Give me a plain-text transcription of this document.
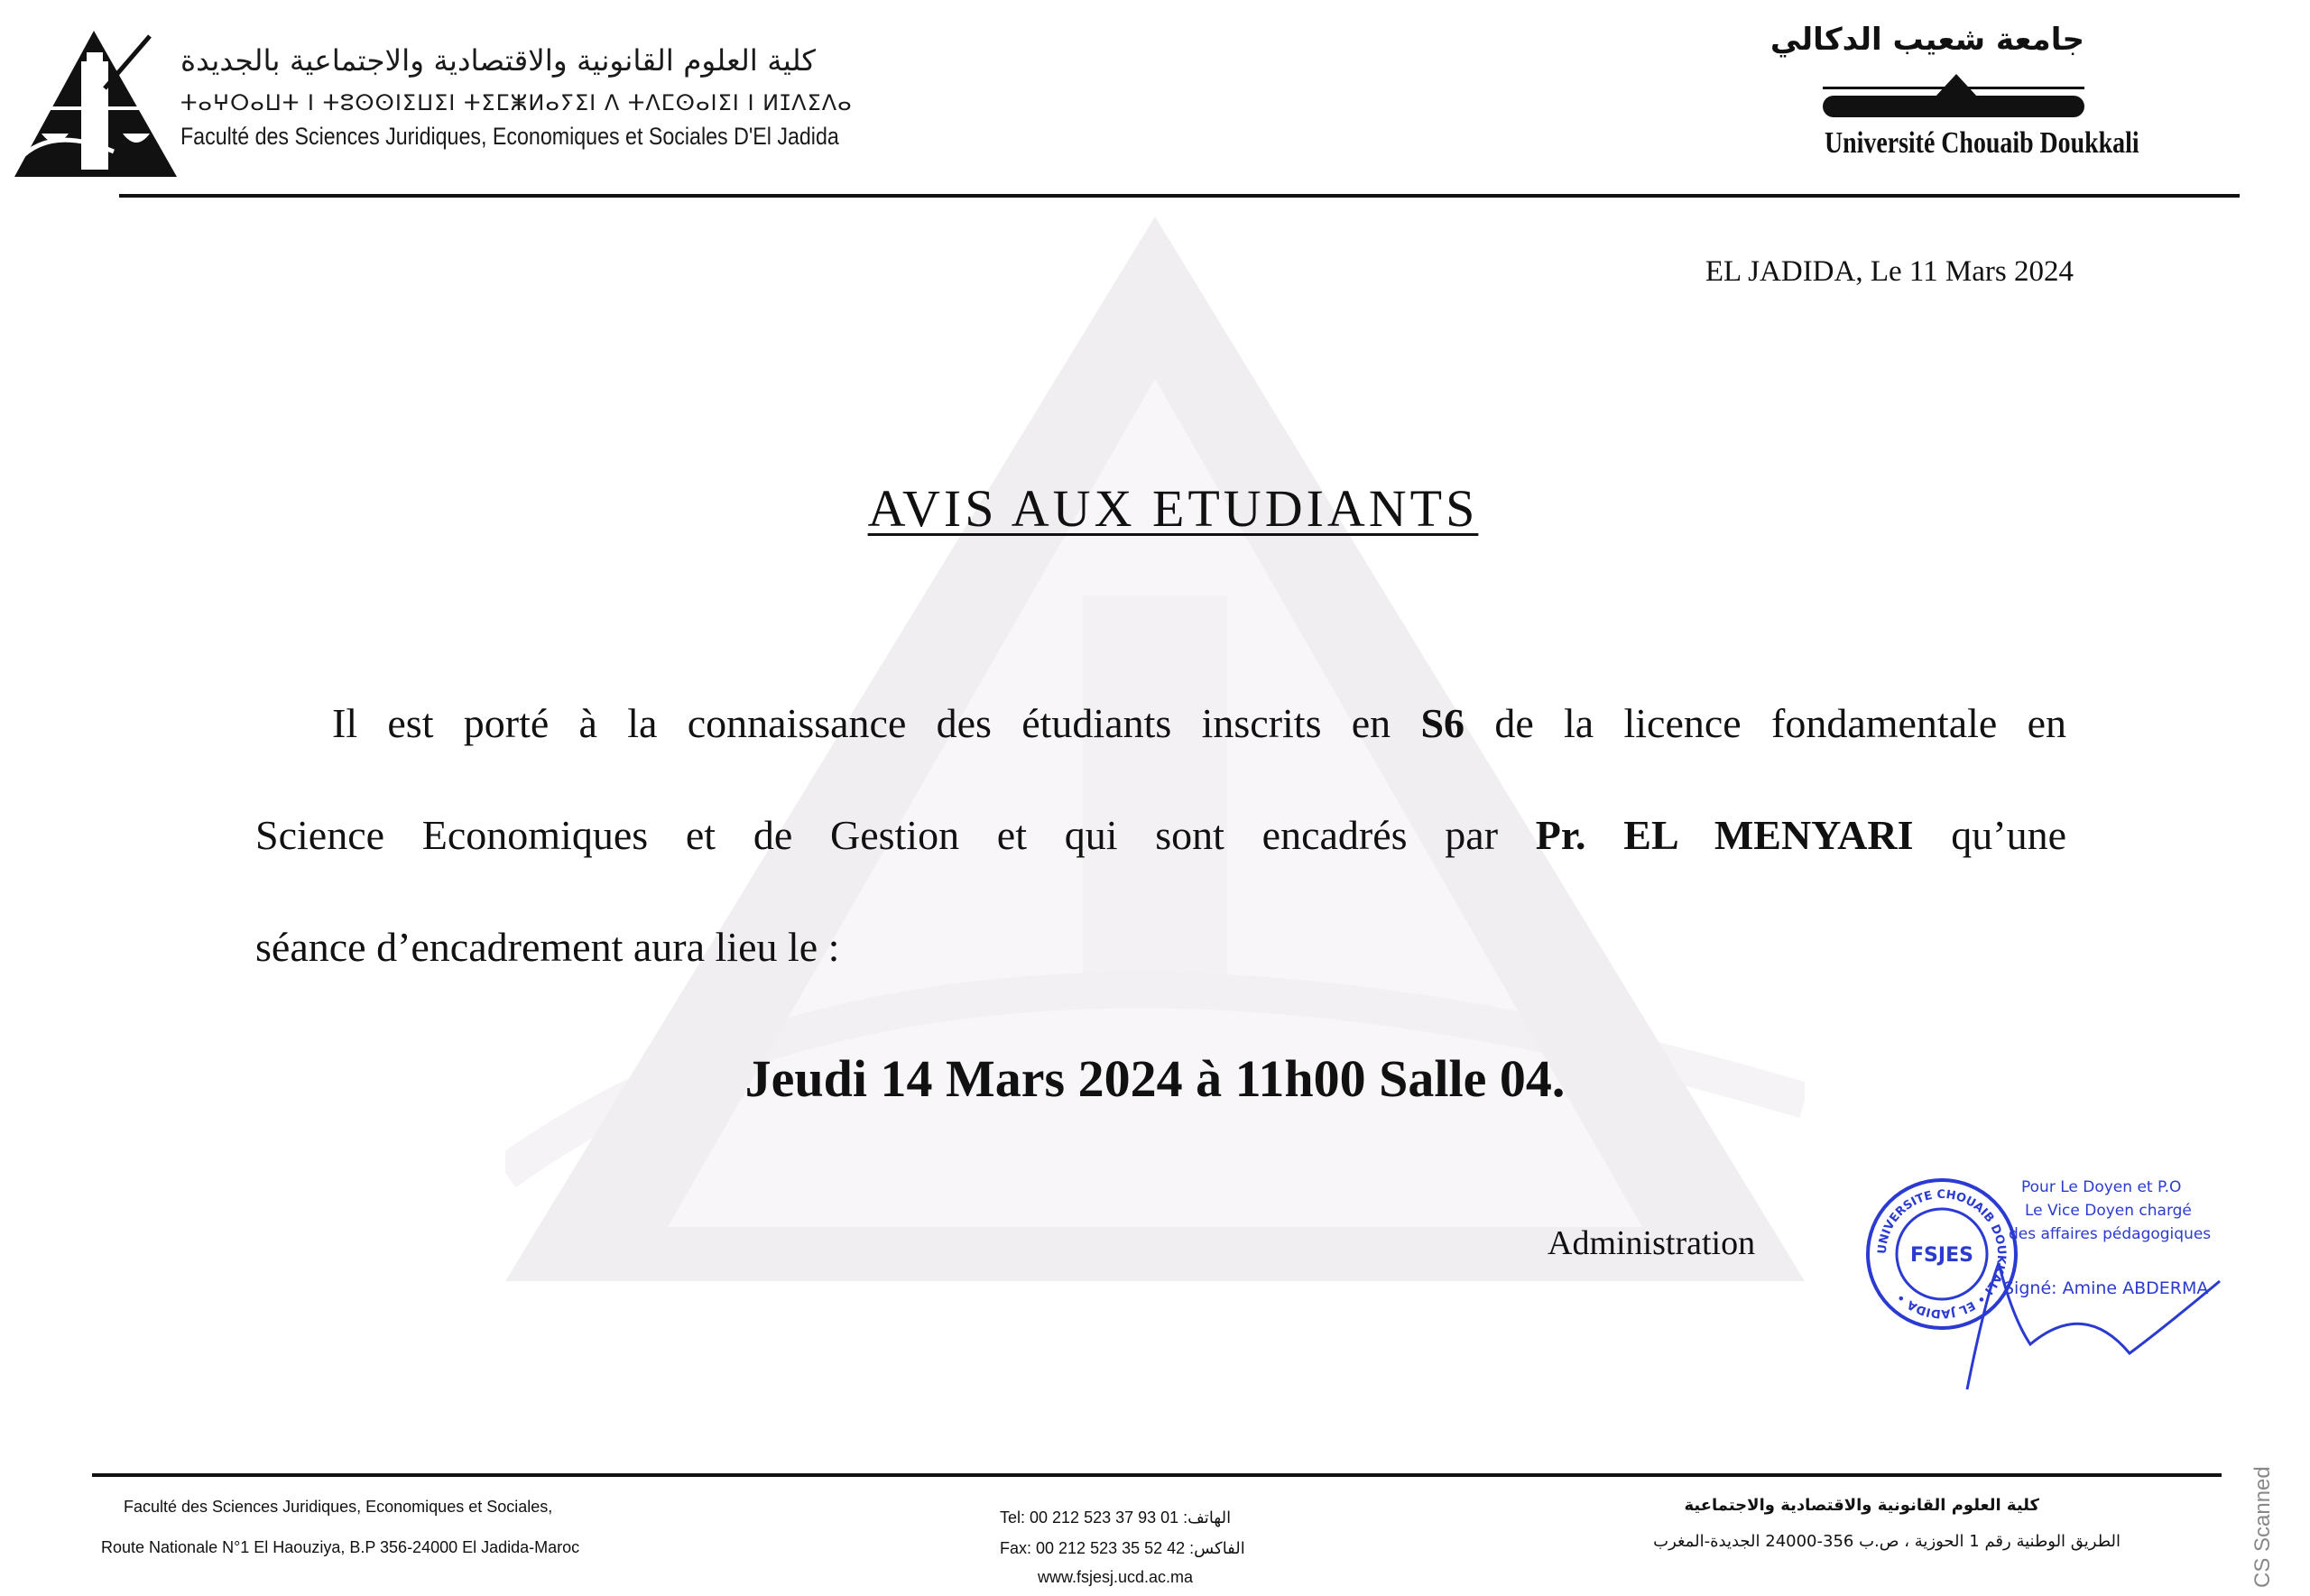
كلية العلوم القانونية والاقتصادية والاجتماعية بالجديدة
ⵜⴰⵖⵔⴰⵡⵜ ⵏ ⵜⵓⵙⵙⵏⵉⵡⵉⵏ ⵜⵉⵎⵥⵍⴰⵢⵉⵏ ⴷ ⵜⴷⵎⵙⴰⵏⵉⵏ ⵏ ⵍⵊⴷⵉⴷⴰ
Faculté des Sciences Juridiques, Economiques et Sociales D'El Jadida
جامعة شعيب الدكالي
Université Chouaib Doukkali
EL JADIDA, Le 11 Mars 2024
AVIS AUX ETUDIANTS
Il est porté à la connaissance des étudiants inscrits en S6 de la licence fondamentale en
Science Economiques et de Gestion et qui sont encadrés par Pr. EL MENYARI qu’une
séance d’encadrement aura lieu le :
Jeudi 14 Mars 2024 à 11h00 Salle 04.
Administration	UNIVERSITE CHOUAIB DOUKKALI • EL JADIDA •
FSJES
Pour Le Doyen et P.O
Le Vice Doyen chargé
des affaires pédagogiques
Signé: Amine ABDERMA
Faculté des Sciences Juridiques, Economiques et Sociales,
Route Nationale N°1 El Haouziya, B.P 356-24000 El Jadida-Maroc
Tel: 00 212 523 37 93 01 :الهاتف
Fax: 00 212 523 35 52 42 :الفاكس
www.fsjesj.ucd.ac.ma
كلية العلوم القانونية والاقتصادية والاجتماعية
الطريق الوطنية رقم 1 الحوزية ، ص.ب 356-24000 الجديدة-المغرب	CS Scanned
